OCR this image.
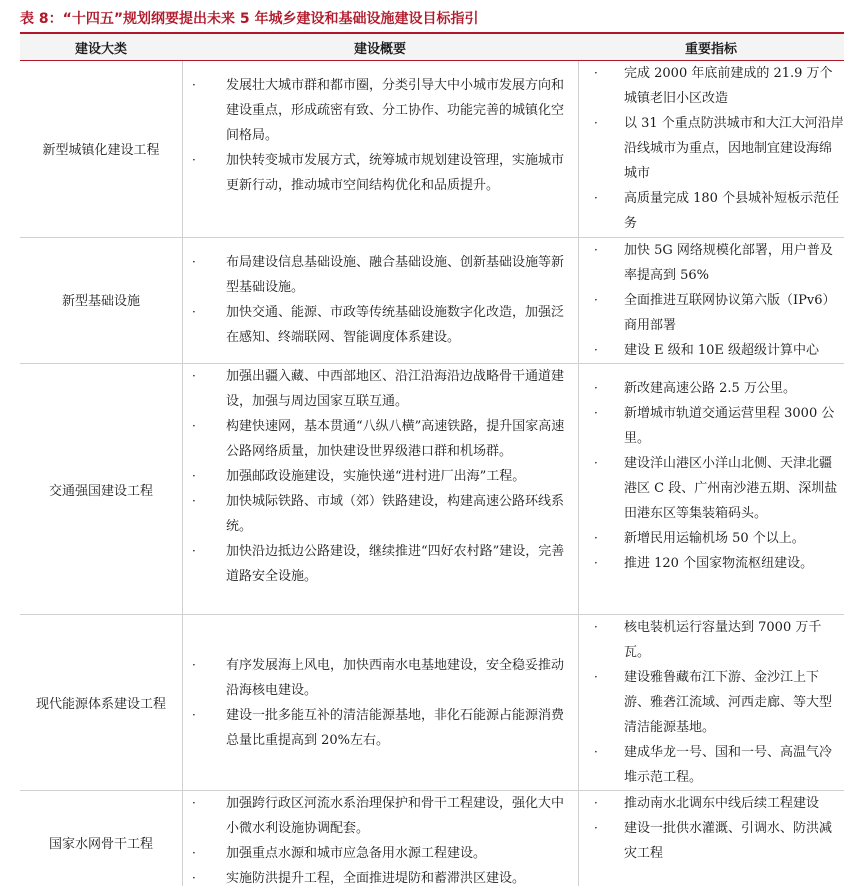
表 8：“十四五”规划纲要提出未来 5 年城乡建设和基础设施建设目标指引
建设大类	建设概要	重要指标
新型城镇化建设工程
· 发展壮大城市群和都市圈，分类引导大中小城市发展方向和建设重点，形成疏密有致、分工协作、功能完善的城镇化空间格局。
· 加快转变城市发展方式，统筹城市规划建设管理，实施城市更新行动，推动城市空间结构优化和品质提升。
· 完成 2000 年底前建成的 21.9 万个城镇老旧小区改造
· 以 31 个重点防洪城市和大江大河沿岸沿线城市为重点，因地制宜建设海绵城市
· 高质量完成 180 个县城补短板示范任务
新型基础设施
· 布局建设信息基础设施、融合基础设施、创新基础设施等新型基础设施。
· 加快交通、能源、市政等传统基础设施数字化改造，加强泛在感知、终端联网、智能调度体系建设。
· 加快 5G 网络规模化部署，用户普及率提高到 56%
· 全面推进互联网协议第六版（IPv6）商用部署
· 建设 E 级和 10E 级超级计算中心
交通强国建设工程
· 加强出疆入藏、中西部地区、沿江沿海沿边战略骨干通道建设，加强与周边国家互联互通。
· 构建快速网，基本贯通“八纵八横”高速铁路，提升国家高速公路网络质量，加快建设世界级港口群和机场群。
· 加强邮政设施建设，实施快递“进村进厂出海”工程。
· 加快城际铁路、市域（郊）铁路建设，构建高速公路环线系统。
· 加快沿边抵边公路建设，继续推进“四好农村路”建设，完善道路安全设施。
· 新改建高速公路 2.5 万公里。
· 新增城市轨道交通运营里程 3000 公里。
· 建设洋山港区小洋山北侧、天津北疆港区 C 段、广州南沙港五期、深圳盐田港东区等集装箱码头。
· 新增民用运输机场 50 个以上。
· 推进 120 个国家物流枢纽建设。
现代能源体系建设工程
· 有序发展海上风电，加快西南水电基地建设，安全稳妥推动沿海核电建设。
· 建设一批多能互补的清洁能源基地，非化石能源占能源消费总量比重提高到 20%左右。
· 核电装机运行容量达到 7000 万千瓦。
· 建设雅鲁藏布江下游、金沙江上下游、雅砻江流域、河西走廊、等大型清洁能源基地。
· 建成华龙一号、国和一号、高温气冷堆示范工程。
国家水网骨干工程
· 加强跨行政区河流水系治理保护和骨干工程建设，强化大中小微水利设施协调配套。
· 加强重点水源和城市应急备用水源工程建设。
· 实施防洪提升工程，全面推进堤防和蓄滞洪区建设。
· 推动南水北调东中线后续工程建设
· 建设一批供水灌溉、引调水、防洪减灾工程
